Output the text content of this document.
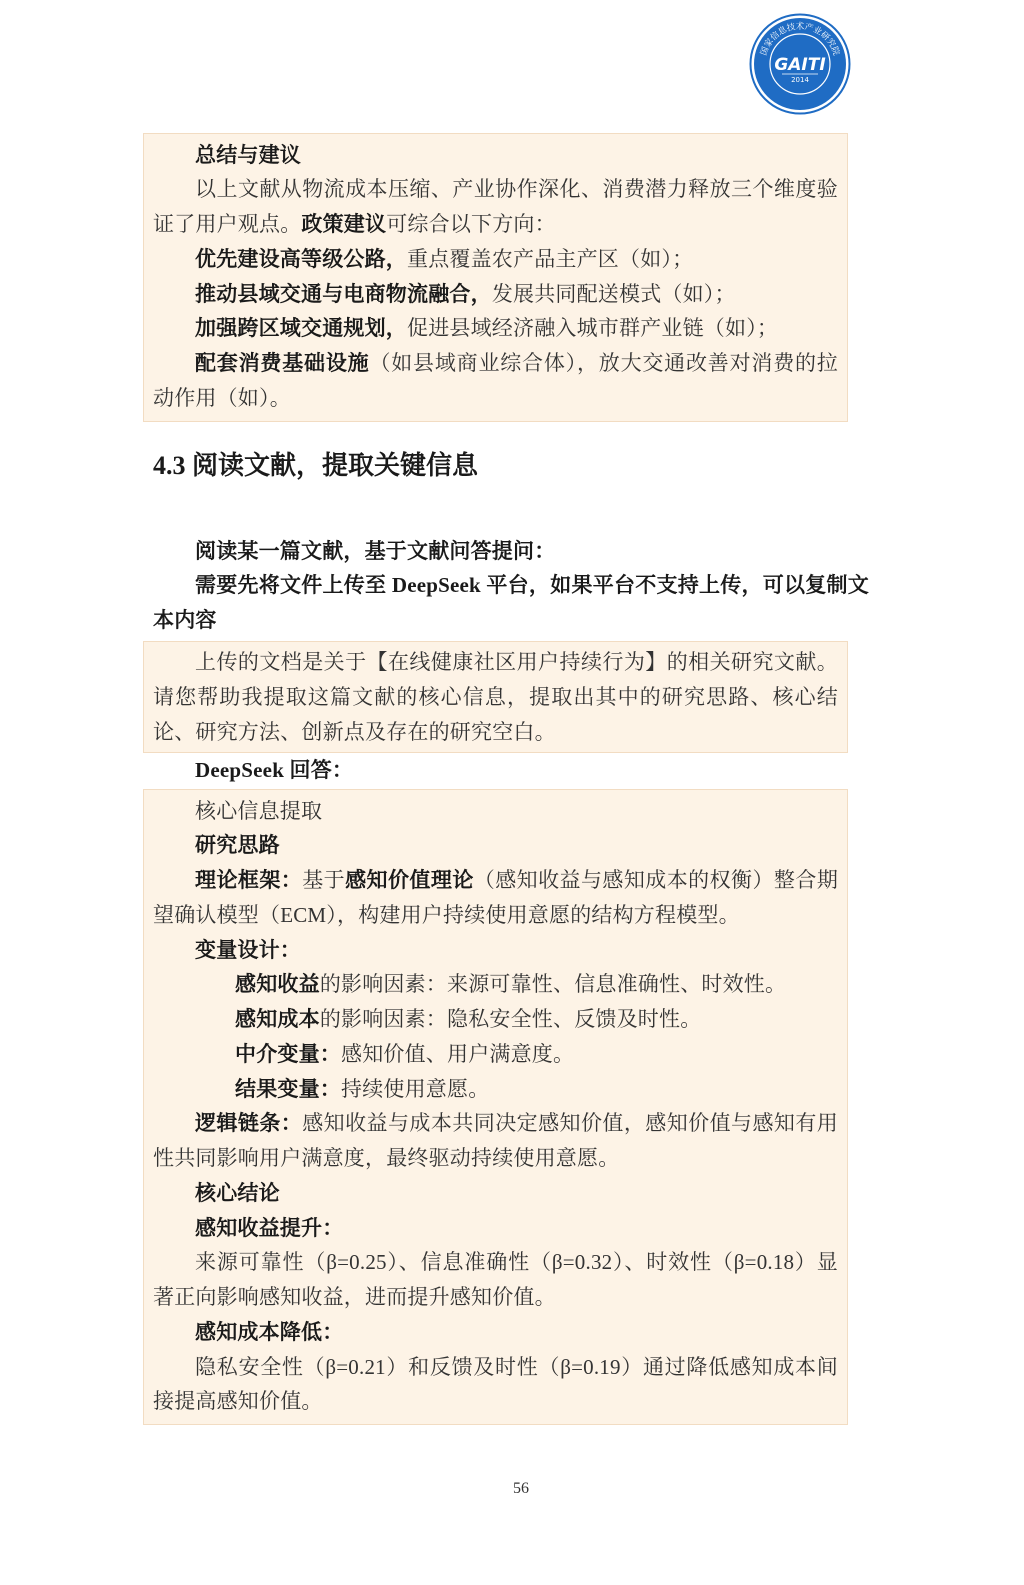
国家信息技术产业研究院
GAITI
2014

总结与建议

以上文献从物流成本压缩、产业协作深化、消费潜力释放三个维度验证了用户观点。政策建议可综合以下方向：

优先建设高等级公路，重点覆盖农产品主产区（如）；

推动县域交通与电商物流融合，发展共同配送模式（如）；

加强跨区域交通规划，促进县域经济融入城市群产业链（如）；

配套消费基础设施（如县域商业综合体），放大交通改善对消费的拉动作用（如）。

4.3 阅读文献，提取关键信息

阅读某一篇文献，基于文献问答提问：

需要先将文件上传至 DeepSeek 平台，如果平台不支持上传，可以复制文本内容

上传的文档是关于【在线健康社区用户持续行为】的相关研究文献。请您帮助我提取这篇文献的核心信息，提取出其中的研究思路、核心结论、研究方法、创新点及存在的研究空白。

DeepSeek 回答：

核心信息提取

研究思路

理论框架：基于感知价值理论（感知收益与感知成本的权衡）整合期望确认模型（ECM），构建用户持续使用意愿的结构方程模型。

变量设计：

感知收益的影响因素：来源可靠性、信息准确性、时效性。

感知成本的影响因素：隐私安全性、反馈及时性。

中介变量：感知价值、用户满意度。

结果变量：持续使用意愿。

逻辑链条：感知收益与成本共同决定感知价值，感知价值与感知有用性共同影响用户满意度，最终驱动持续使用意愿。

核心结论

感知收益提升：

来源可靠性（β=0.25）、信息准确性（β=0.32）、时效性（β=0.18）显著正向影响感知收益，进而提升感知价值。

感知成本降低：

隐私安全性（β=0.21）和反馈及时性（β=0.19）通过降低感知成本间接提高感知价值。

56
